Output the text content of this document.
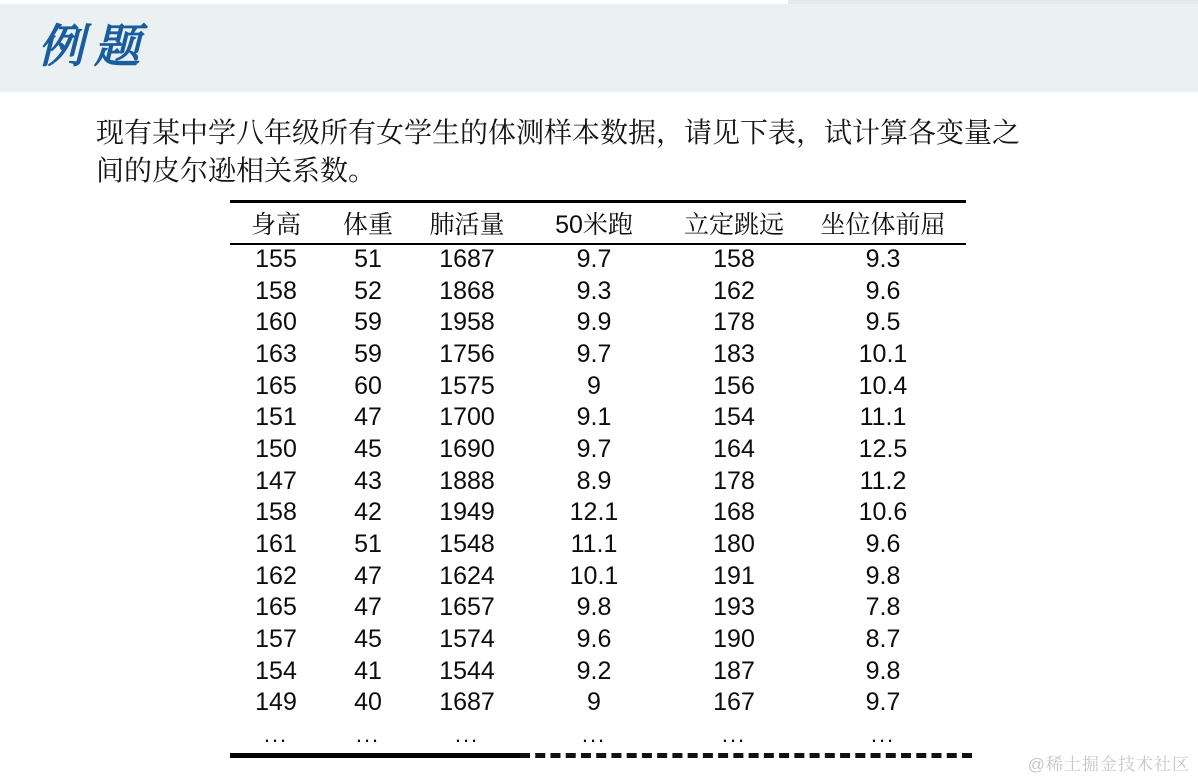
例题

现有某中学八年级所有女学生的体测样本数据，请见下表，试计算各变量之
间的皮尔逊相关系数。

身高	体重	肺活量	50米跑	立定跳远	坐位体前屈
155	51	1687	9.7	158	9.3
158	52	1868	9.3	162	9.6
160	59	1958	9.9	178	9.5
163	59	1756	9.7	183	10.1
165	60	1575	9	156	10.4
151	47	1700	9.1	154	11.1
150	45	1690	9.7	164	12.5
147	43	1888	8.9	178	11.2
158	42	1949	12.1	168	10.6
161	51	1548	11.1	180	9.6
162	47	1624	10.1	191	9.8
165	47	1657	9.8	193	7.8
157	45	1574	9.6	190	8.7
154	41	1544	9.2	187	9.8
149	40	1687	9	167	9.7
...	...	...	...	...	...
@稀土掘金技术社区
